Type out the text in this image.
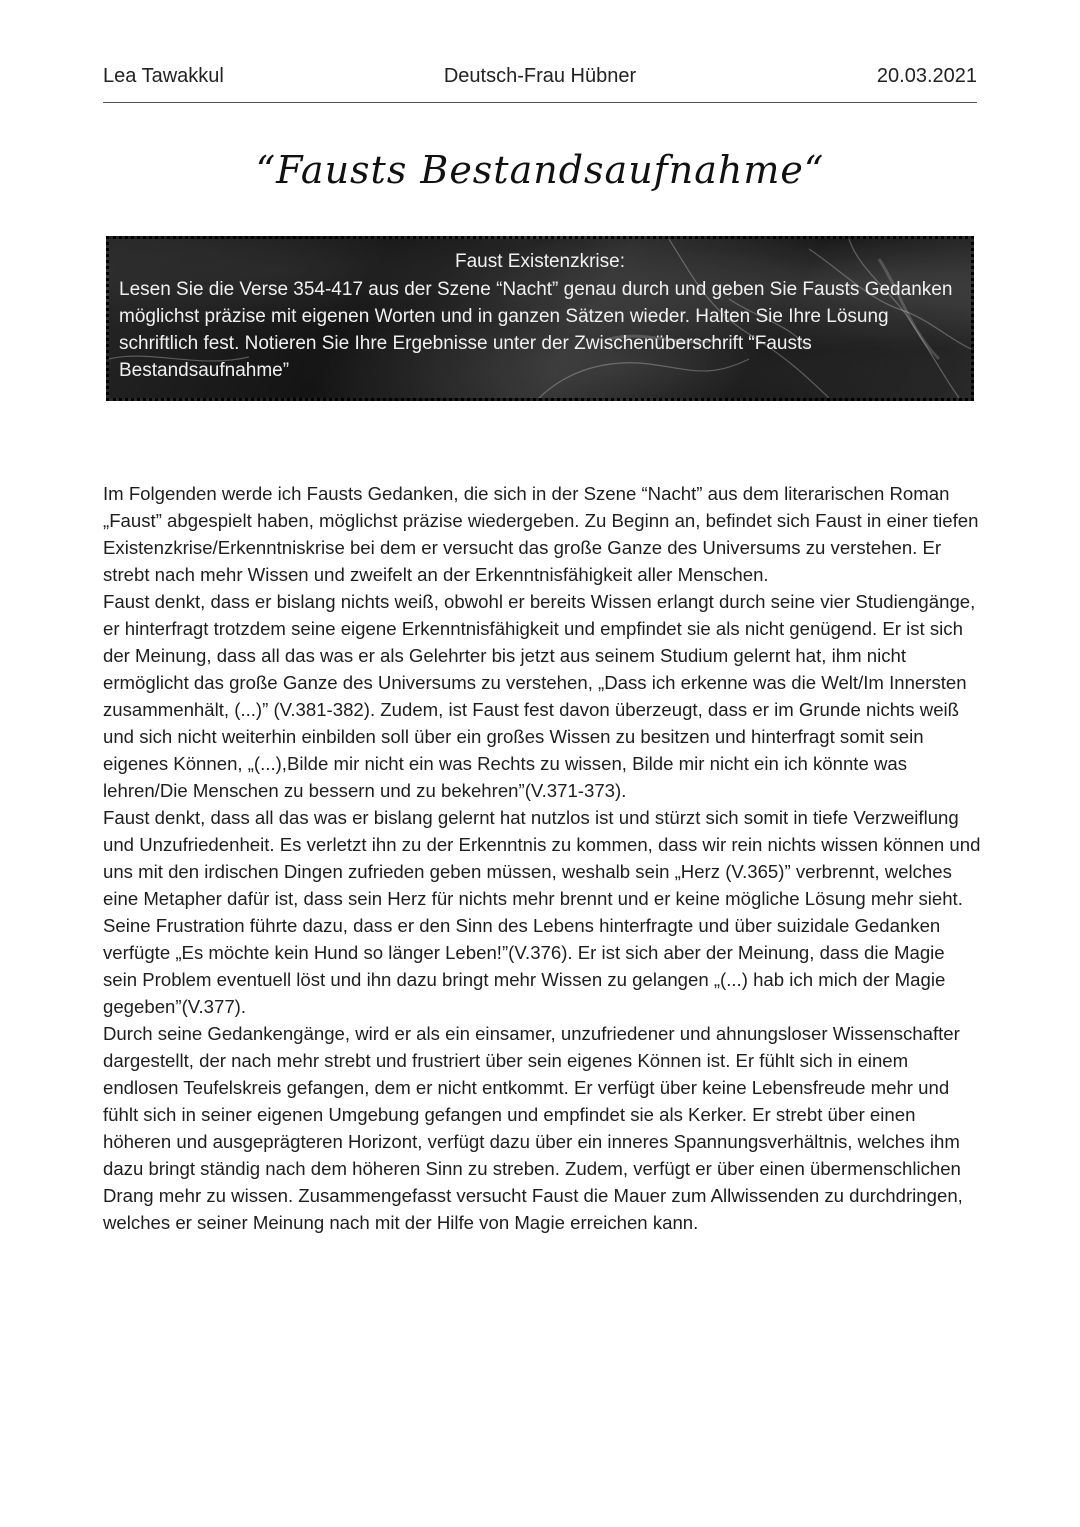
Lea Tawakkul	Deutsch-Frau Hübner	20.03.2021
“Fausts Bestandsaufnahme“
Faust Existenzkrise:
Lesen Sie die Verse 354-417 aus der Szene “Nacht” genau durch und geben Sie Fausts Gedanken möglichst präzise mit eigenen Worten und in ganzen Sätzen wieder. Halten Sie Ihre Lösung schriftlich fest. Notieren Sie Ihre Ergebnisse unter der Zwischenüberschrift “Fausts Bestandsaufnahme”

Im Folgenden werde ich Fausts Gedanken, die sich in der Szene “Nacht” aus dem literarischen Roman „Faust” abgespielt haben, möglichst präzise wiedergeben. Zu Beginn an, befindet sich Faust in einer tiefen Existenzkrise/Erkenntniskrise bei dem er versucht das große Ganze des Universums zu verstehen. Er strebt nach mehr Wissen und zweifelt an der Erkenntnisfähigkeit aller Menschen.

Faust denkt, dass er bislang nichts weiß, obwohl er bereits Wissen erlangt durch seine vier Studiengänge, er hinterfragt trotzdem seine eigene Erkenntnisfähigkeit und empfindet sie als nicht genügend. Er ist sich der Meinung, dass all das was er als Gelehrter bis jetzt aus seinem Studium gelernt hat, ihm nicht ermöglicht das große Ganze des Universums zu verstehen, „Dass ich erkenne was die Welt/Im Innersten zusammenhält, (...)” (V.381-382). Zudem, ist Faust fest davon überzeugt, dass er im Grunde nichts weiß und sich nicht weiterhin einbilden soll über ein großes Wissen zu besitzen und hinterfragt somit sein eigenes Können, „(...),Bilde mir nicht ein was Rechts zu wissen, Bilde mir nicht ein ich könnte was lehren/Die Menschen zu bessern und zu bekehren”(V.371-373).

Faust denkt, dass all das was er bislang gelernt hat nutzlos ist und stürzt sich somit in tiefe Verzweiflung und Unzufriedenheit. Es verletzt ihn zu der Erkenntnis zu kommen, dass wir rein nichts wissen können und uns mit den irdischen Dingen zufrieden geben müssen, weshalb sein „Herz (V.365)” verbrennt, welches eine Metapher dafür ist, dass sein Herz für nichts mehr brennt und er keine mögliche Lösung mehr sieht. Seine Frustration führte dazu, dass er den Sinn des Lebens hinterfragte und über suizidale Gedanken verfügte „Es möchte kein Hund so länger Leben!”(V.376). Er ist sich aber der Meinung, dass die Magie sein Problem eventuell löst und ihn dazu bringt mehr Wissen zu gelangen „(...) hab ich mich der Magie gegeben”(V.377).

Durch seine Gedankengänge, wird er als ein einsamer, unzufriedener und ahnungsloser Wissenschafter dargestellt, der nach mehr strebt und frustriert über sein eigenes Können ist. Er fühlt sich in einem endlosen Teufelskreis gefangen, dem er nicht entkommt. Er verfügt über keine Lebensfreude mehr und fühlt sich in seiner eigenen Umgebung gefangen und empfindet sie als Kerker. Er strebt über einen höheren und ausgeprägteren Horizont, verfügt dazu über ein inneres Spannungsverhältnis, welches ihm dazu bringt ständig nach dem höheren Sinn zu streben. Zudem, verfügt er über einen übermenschlichen Drang mehr zu wissen. Zusammengefasst versucht Faust die Mauer zum Allwissenden zu durchdringen, welches er seiner Meinung nach mit der Hilfe von Magie erreichen kann.
